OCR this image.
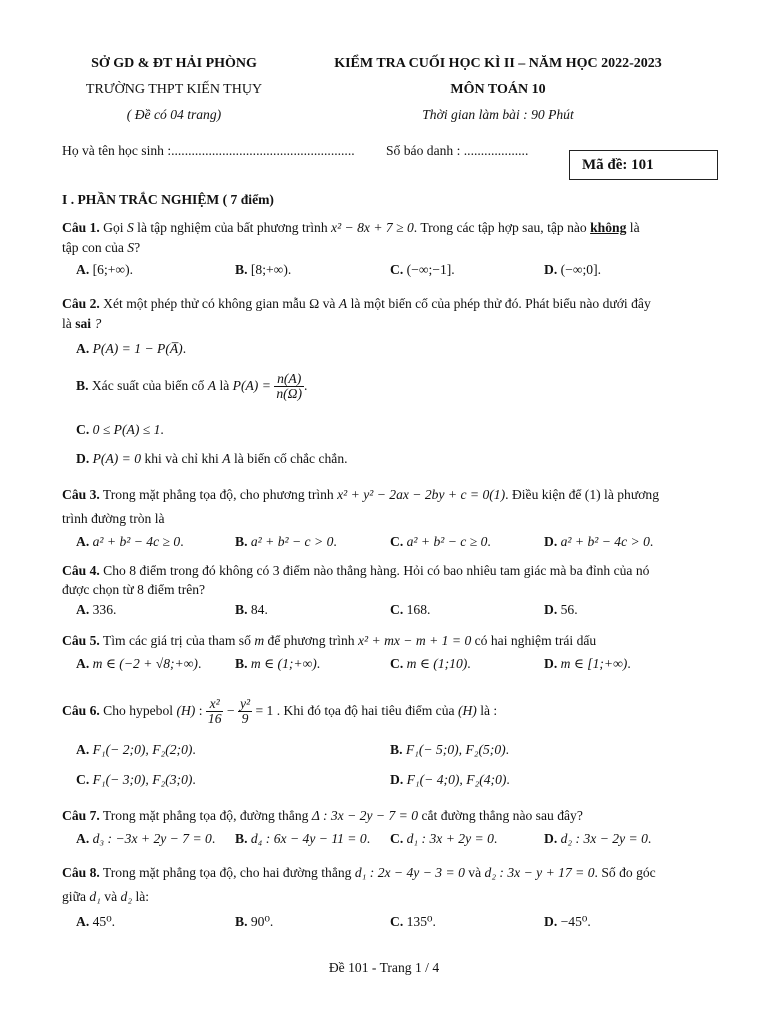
SỞ GD & ĐT HẢI PHÒNG
TRƯỜNG THPT KIẾN THỤY
( Đề có 04 trang)
KIỂM TRA CUỐI HỌC KÌ II – NĂM HỌC 2022-2023
MÔN TOÁN 10
Thời gian làm bài : 90 Phút
Họ và tên học sinh :...................................................... Số báo danh : ...................
Mã đề: 101
I . PHẦN TRẮC NGHIỆM ( 7 điểm)
Câu 1. Gọi S là tập nghiệm của bất phương trình x² − 8x + 7 ≥ 0. Trong các tập hợp sau, tập nào không là
tập con của S?
A. [6;+∞).	B. [8;+∞).	C. (−∞;−1].	D. (−∞;0].
Câu 2. Xét một phép thử có không gian mẫu Ω và A là một biến cố của phép thử đó. Phát biểu nào dưới đây
là sai ?
A. P(A) = 1 − P(A̅).
B. Xác suất của biến cố A là $P(A) = \frac{n(A)}{n(\Omega)}$ .
C. 0 ≤ P(A) ≤ 1.
D. P(A) = 0 khi và chỉ khi A là biến cố chắc chắn.
Câu 3. Trong mặt phẳng tọa độ, cho phương trình x² + y² − 2ax − 2by + c = 0(1). Điều kiện để (1) là phương
trình đường tròn là
A. a² + b² − 4c ≥ 0.	B. a² + b² − c > 0.	C. a² + b² − c ≥ 0.	D. a² + b² − 4c > 0.
Câu 4. Cho 8 điểm trong đó không có 3 điểm nào thẳng hàng. Hỏi có bao nhiêu tam giác mà ba đỉnh của nó
được chọn từ 8 điểm trên?
A. 336.	B. 84.	C. 168.	D. 56.
Câu 5. Tìm các giá trị của tham số m để phương trình x² + mx − m + 1 = 0 có hai nghiệm trái dấu
A. m ∈ (−2 + √8;+∞). B. m ∈ (1;+∞).	C. m ∈ (1;10).	D. m ∈ [1;+∞).
Câu 6. Cho hypebol (H) : $\frac{\text{x²}}{16} - \frac{\text{y²}}{9} = 1$ . Khi đó tọa độ hai tiêu điểm của (H) là :
A. F₁(− 2;0), F₂(2;0).	B. F₁(− 5;0), F₂(5;0).
C. F₁(− 3;0), F₂(3;0).	D. F₁(− 4;0), F₂(4;0).
Câu 7. Trong mặt phẳng tọa độ, đường thẳng Δ : 3x − 2y − 7 = 0 cắt đường thẳng nào sau đây?
A. d₃ : −3x + 2y − 7 = 0. B. d₄ : 6x − 4y − 11 = 0. C. d₁ : 3x + 2y = 0.	D. d₂ : 3x − 2y = 0.
Câu 8. Trong mặt phẳng tọa độ, cho hai đường thẳng d₁ : 2x − 4y − 3 = 0 và d₂ : 3x − y + 17 = 0. Số đo góc
giữa d₁ và d₂ là:
A. 45⁰.	B. 90⁰.	C. 135⁰.	D. −45⁰.
Đề 101 - Trang 1 / 4
